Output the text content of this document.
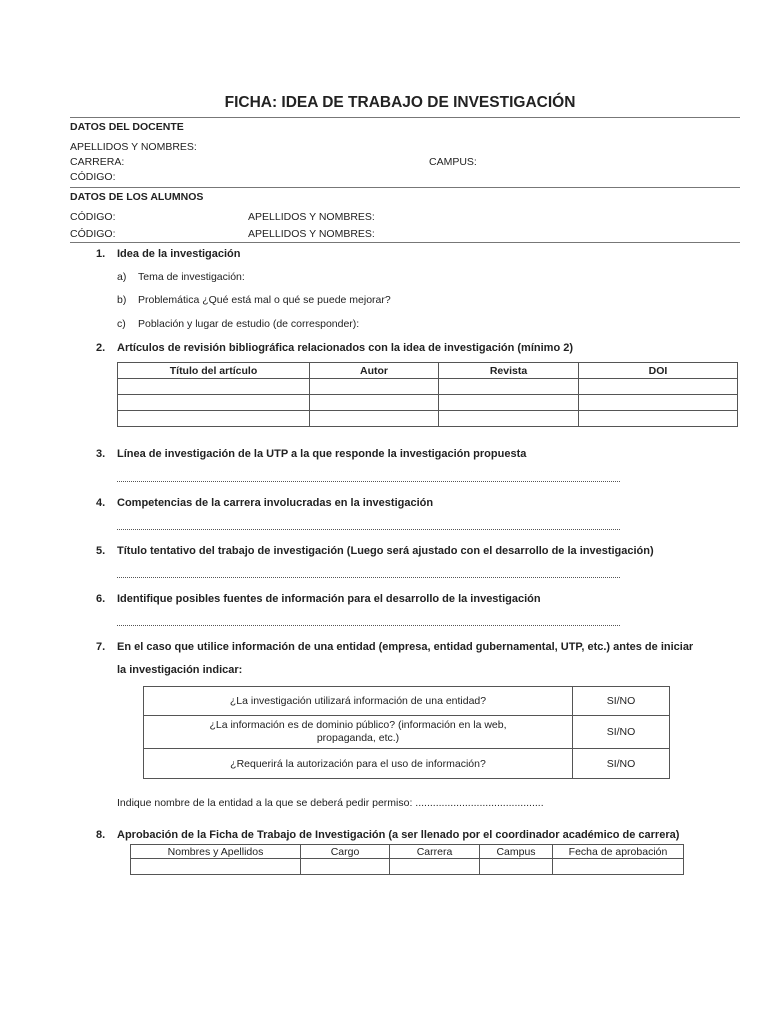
FICHA: IDEA DE TRABAJO DE INVESTIGACIÓN
DATOS DEL DOCENTE
APELLIDOS Y NOMBRES:
CARRERA:	CAMPUS:
CÓDIGO:
DATOS DE LOS ALUMNOS
CÓDIGO:	APELLIDOS Y NOMBRES:
CÓDIGO:	APELLIDOS Y NOMBRES:
1. Idea de la investigación
a) Tema de investigación:
b) Problemática ¿Qué está mal o qué se puede mejorar?
c) Población y lugar de estudio (de corresponder):
2. Artículos de revisión bibliográfica relacionados con la idea de investigación (mínimo 2)
Título del artículo	Autor	Revista	DOI

3. Línea de investigación de la UTP a la que responde la investigación propuesta
4. Competencias de la carrera involucradas en la investigación
5. Título tentativo del trabajo de investigación (Luego será ajustado con el desarrollo de la investigación)
6. Identifique posibles fuentes de información para el desarrollo de la investigación
7. En el caso que utilice información de una entidad (empresa, entidad gubernamental, UTP, etc.) antes de iniciar
la investigación indicar:
¿La investigación utilizará información de una entidad?	SI/NO

¿La información es de dominio público? (información en la web,
propaganda, etc.)	SI/NO
¿Requerirá la autorización para el uso de información?	SI/NO
Indique nombre de la entidad a la que se deberá pedir permiso: ............................................
8. Aprobación de la Ficha de Trabajo de Investigación (a ser llenado por el coordinador académico de carrera)
Nombres y Apellidos	Cargo	Carrera	Campus	Fecha de aprobación
